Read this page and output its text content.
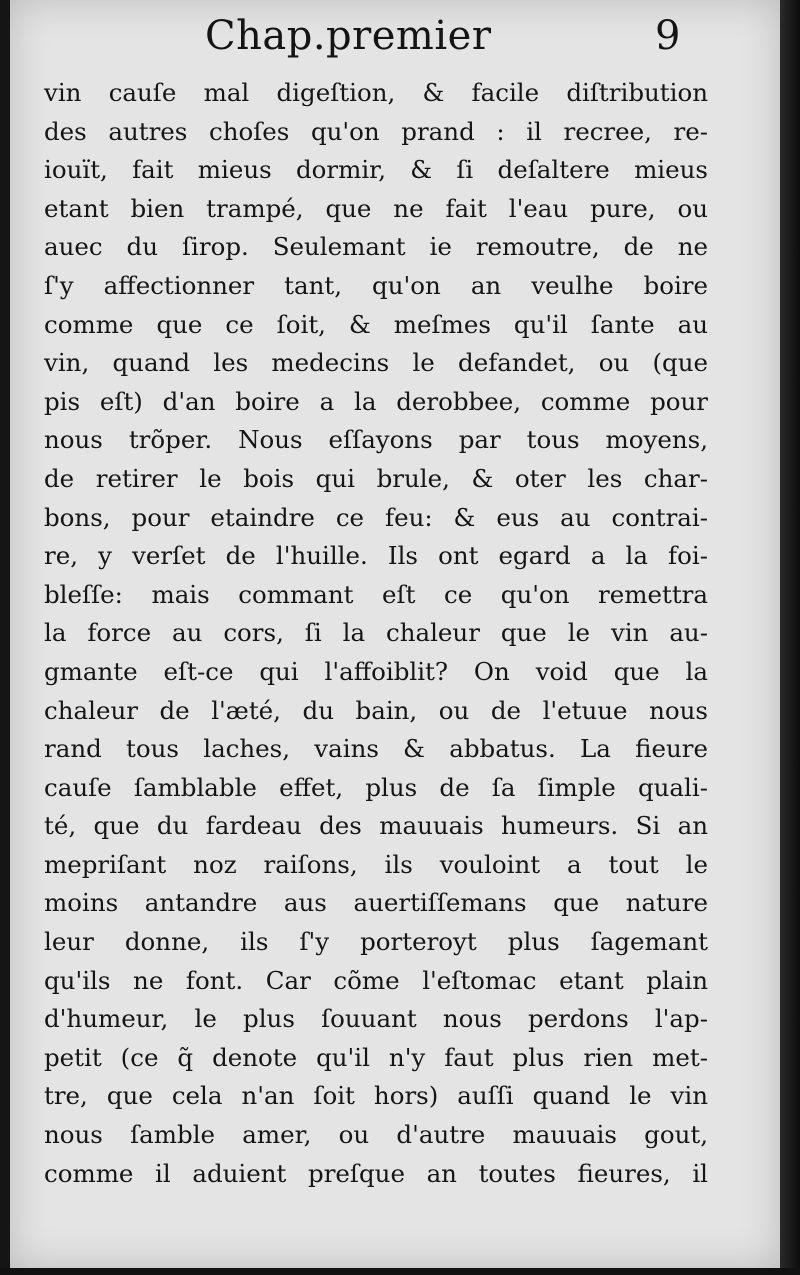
Chap.premier	9
vin cauſe mal digeſtion, & facile diſtribution
des autres choſes qu'on prand : il recree, re-
iouït, fait mieus dormir, & ſi deſaltere mieus
etant bien trampé, que ne fait l'eau pure, ou
auec du ſirop. Seulemant ie remoutre, de ne
ſ'y affectionner tant, qu'on an veulhe boire
comme que ce ſoit, & meſmes qu'il ſante au
vin, quand les medecins le defandet, ou (que
pis eſt) d'an boire a la derobbee, comme pour
nous trõper. Nous eſſayons par tous moyens,
de retirer le bois qui brule, & oter les char-
bons, pour etaindre ce feu: & eus au contrai-
re, y verſet de l'huille. Ils ont egard a la foi-
bleſſe: mais commant eſt ce qu'on remettra
la force au cors, ſi la chaleur que le vin au-
gmante eſt-ce qui l'affoiblit? On void que la
chaleur de l'æté, du bain, ou de l'etuue nous
rand tous laches, vains & abbatus. La fieure
cauſe ſamblable effet, plus de ſa ſimple quali-
té, que du fardeau des mauuais humeurs. Si an
mepriſant noz raiſons, ils vouloint a tout le
moins antandre aus auertiſſemans que nature
leur donne, ils ſ'y porteroyt plus ſagemant
qu'ils ne font. Car cõme l'eſtomac etant plain
d'humeur, le plus ſouuant nous perdons l'ap-
petit (ce q̃ denote qu'il n'y faut plus rien met-
tre, que cela n'an ſoit hors) auſſi quand le vin
nous ſamble amer, ou d'autre mauuais gout,
comme il aduient preſque an toutes fieures, il
